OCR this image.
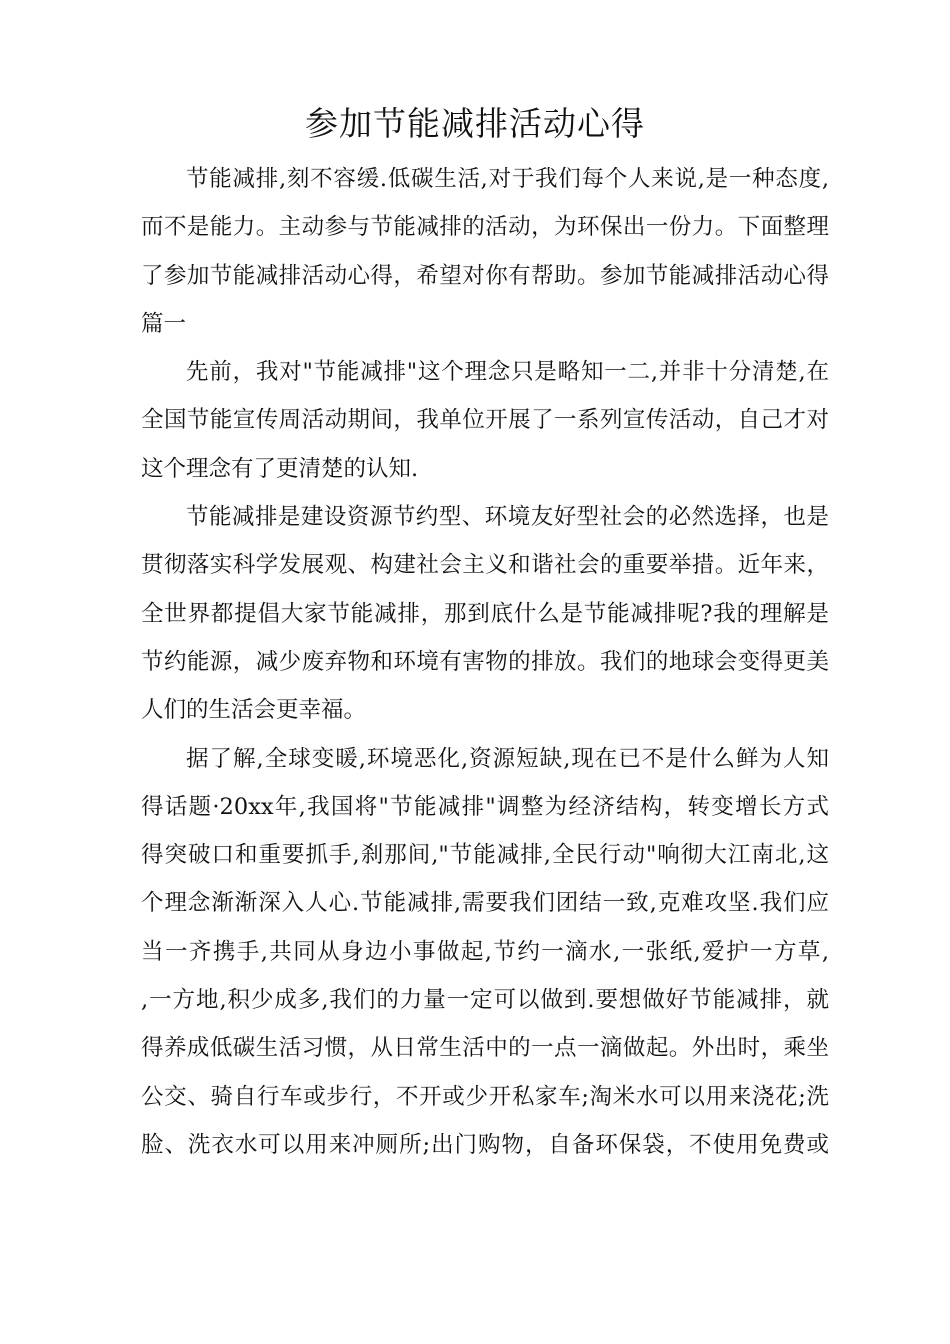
参加节能减排活动心得

节能减排,刻不容缓.低碳生活,对于我们每个人来说,是一种态度,
而不是能力。主动参与节能减排的活动，为环保出一份力。下面整理
了参加节能减排活动心得，希望对你有帮助。参加节能减排活动心得
篇一

先前，我对"节能减排"这个理念只是略知一二,并非十分清楚,在
全国节能宣传周活动期间，我单位开展了一系列宣传活动，自己才对
这个理念有了更清楚的认知.

节能减排是建设资源节约型、环境友好型社会的必然选择，也是
贯彻落实科学发展观、构建社会主义和谐社会的重要举措。近年来，
全世界都提倡大家节能减排，那到底什么是节能减排呢?我的理解是
节约能源，减少废弃物和环境有害物的排放。我们的地球会变得更美
人们的生活会更幸福。

据了解,全球变暖,环境恶化,资源短缺,现在已不是什么鲜为人知
得话题·20xx年,我国将"节能减排"调整为经济结构，转变增长方式
得突破口和重要抓手,刹那间,"节能减排,全民行动"响彻大江南北,这
个理念渐渐深入人心.节能减排,需要我们团结一致,克难攻坚.我们应
当一齐携手,共同从身边小事做起,节约一滴水,一张纸,爱护一方草,
,一方地,积少成多,我们的力量一定可以做到.要想做好节能减排，就
得养成低碳生活习惯，从日常生活中的一点一滴做起。外出时，乘坐
公交、骑自行车或步行，不开或少开私家车;淘米水可以用来浇花;洗
脸、洗衣水可以用来冲厕所;出门购物，自备环保袋，不使用免费或
